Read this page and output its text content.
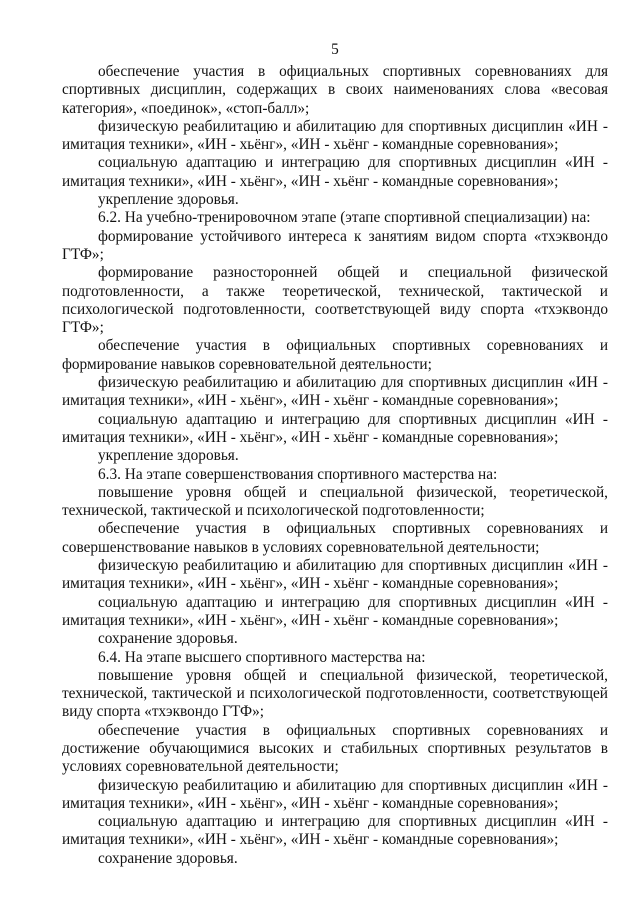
5

обеспечение участия в официальных спортивных соревнованиях для спортивных дисциплин, содержащих в своих наименованиях слова «весовая категория», «поединок», «стоп-балл»;

физическую реабилитацию и абилитацию для спортивных дисциплин «ИН - имитация техники», «ИН - хьёнг», «ИН - хьёнг - командные соревнования»;

социальную адаптацию и интеграцию для спортивных дисциплин «ИН - имитация техники», «ИН - хьёнг», «ИН - хьёнг - командные соревнования»;

укрепление здоровья.

6.2. На учебно-тренировочном этапе (этапе спортивной специализации) на:

формирование устойчивого интереса к занятиям видом спорта «тхэквондо ГТФ»;

формирование разносторонней общей и специальной физической подготовленности, а также теоретической, технической, тактической и психологической подготовленности, соответствующей виду спорта «тхэквондо ГТФ»;

обеспечение участия в официальных спортивных соревнованиях и формирование навыков соревновательной деятельности;

физическую реабилитацию и абилитацию для спортивных дисциплин «ИН - имитация техники», «ИН - хьёнг», «ИН - хьёнг - командные соревнования»;

социальную адаптацию и интеграцию для спортивных дисциплин «ИН - имитация техники», «ИН - хьёнг», «ИН - хьёнг - командные соревнования»;

укрепление здоровья.

6.3. На этапе совершенствования спортивного мастерства на:

повышение уровня общей и специальной физической, теоретической, технической, тактической и психологической подготовленности;

обеспечение участия в официальных спортивных соревнованиях и совершенствование навыков в условиях соревновательной деятельности;

физическую реабилитацию и абилитацию для спортивных дисциплин «ИН - имитация техники», «ИН - хьёнг», «ИН - хьёнг - командные соревнования»;

социальную адаптацию и интеграцию для спортивных дисциплин «ИН - имитация техники», «ИН - хьёнг», «ИН - хьёнг - командные соревнования»;

сохранение здоровья.

6.4. На этапе высшего спортивного мастерства на:

повышение уровня общей и специальной физической, теоретической, технической, тактической и психологической подготовленности, соответствующей виду спорта «тхэквондо ГТФ»;

обеспечение участия в официальных спортивных соревнованиях и достижение обучающимися высоких и стабильных спортивных результатов в условиях соревновательной деятельности;

физическую реабилитацию и абилитацию для спортивных дисциплин «ИН - имитация техники», «ИН - хьёнг», «ИН - хьёнг - командные соревнования»;

социальную адаптацию и интеграцию для спортивных дисциплин «ИН - имитация техники», «ИН - хьёнг», «ИН - хьёнг - командные соревнования»;

сохранение здоровья.
